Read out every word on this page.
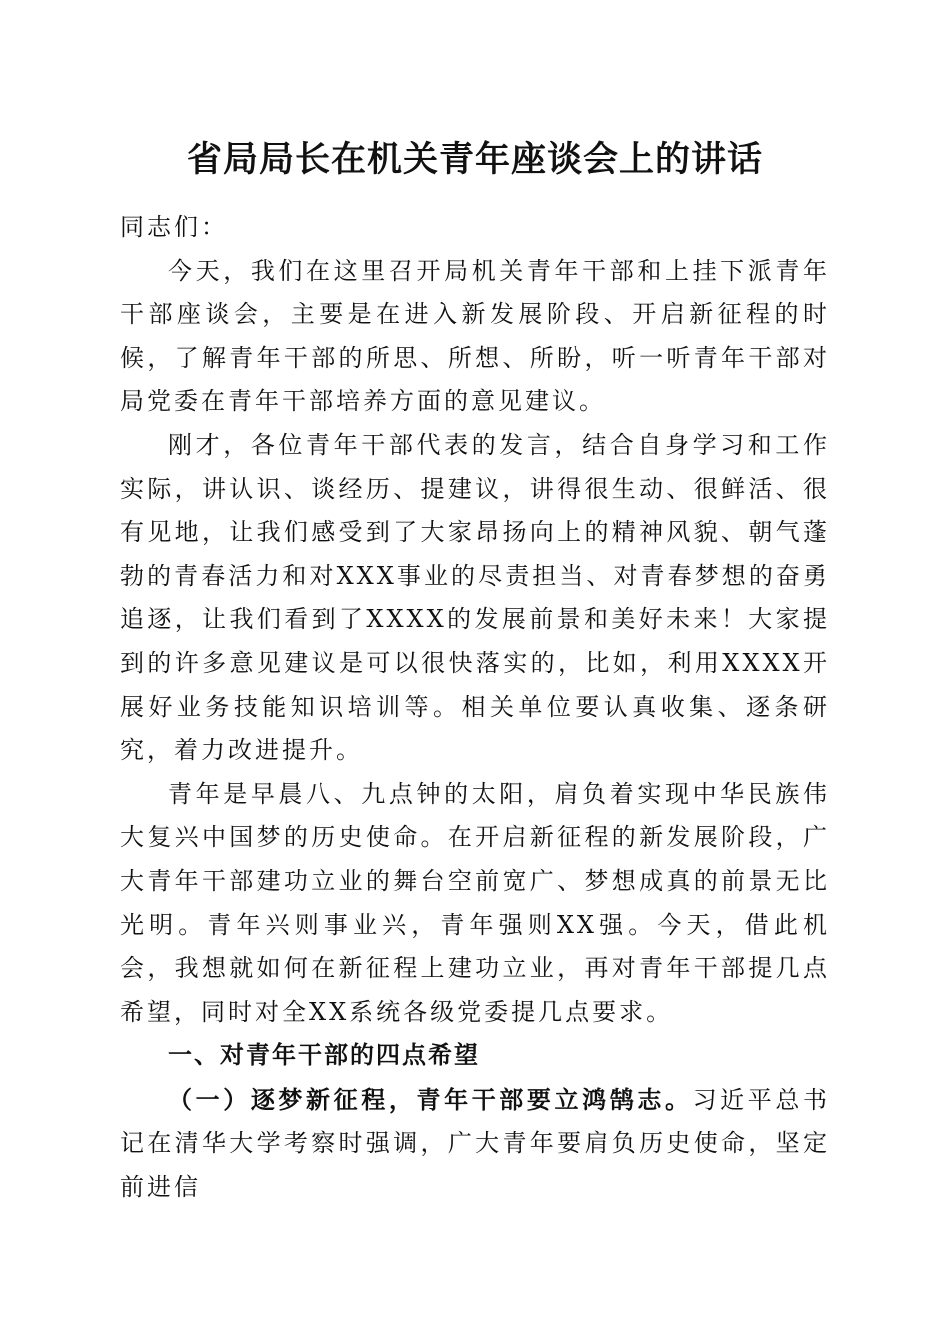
省局局长在机关青年座谈会上的讲话

同志们：

今天，我们在这里召开局机关青年干部和上挂下派青年干部座谈会，主要是在进入新发展阶段、开启新征程的时候，了解青年干部的所思、所想、所盼，听一听青年干部对局党委在青年干部培养方面的意见建议。

刚才，各位青年干部代表的发言，结合自身学习和工作实际，讲认识、谈经历、提建议，讲得很生动、很鲜活、很有见地，让我们感受到了大家昂扬向上的精神风貌、朝气蓬勃的青春活力和对XXX事业的尽责担当、对青春梦想的奋勇追逐，让我们看到了XXXX的发展前景和美好未来！大家提到的许多意见建议是可以很快落实的，比如，利用XXXX开展好业务技能知识培训等。相关单位要认真收集、逐条研究，着力改进提升。

青年是早晨八、九点钟的太阳，肩负着实现中华民族伟大复兴中国梦的历史使命。在开启新征程的新发展阶段，广大青年干部建功立业的舞台空前宽广、梦想成真的前景无比光明。青年兴则事业兴，青年强则XX强。今天，借此机会，我想就如何在新征程上建功立业，再对青年干部提几点希望，同时对全XX系统各级党委提几点要求。

一、对青年干部的四点希望

（一）逐梦新征程，青年干部要立鸿鹄志。习近平总书记在清华大学考察时强调，广大青年要肩负历史使命，坚定前进信
